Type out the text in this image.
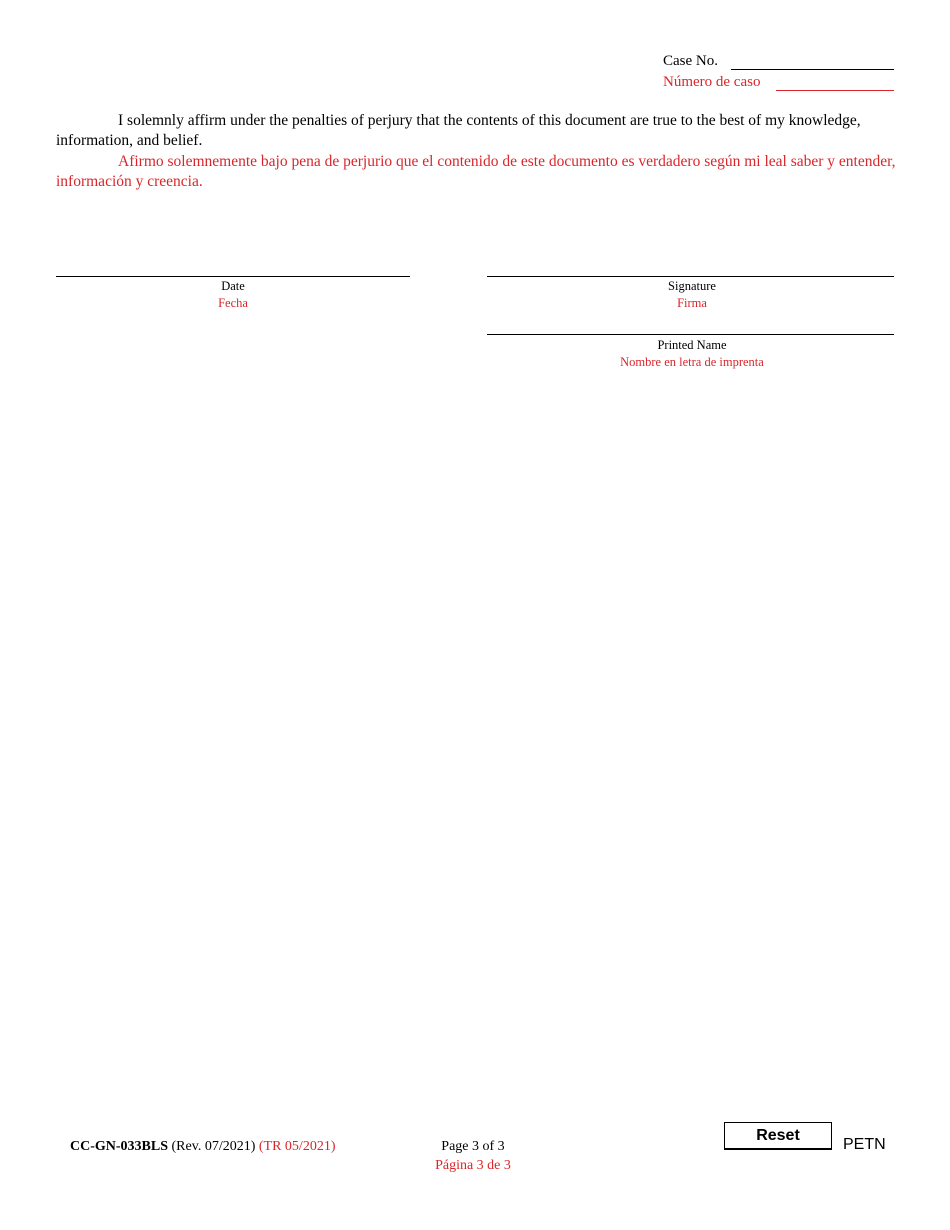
Case No.
Número de caso
I solemnly affirm under the penalties of perjury that the contents of this document are true to the best of my knowledge, information, and belief.
Afirmo solemnemente bajo pena de perjurio que el contenido de este documento es verdadero según mi leal saber y entender, información y creencia.
Date
Fecha
Signature
Firma
Printed Name
Nombre en letra de imprenta
CC-GN-033BLS (Rev. 07/2021) (TR 05/2021)	Page 3 of 3
Página 3 de 3
Reset
PETN
